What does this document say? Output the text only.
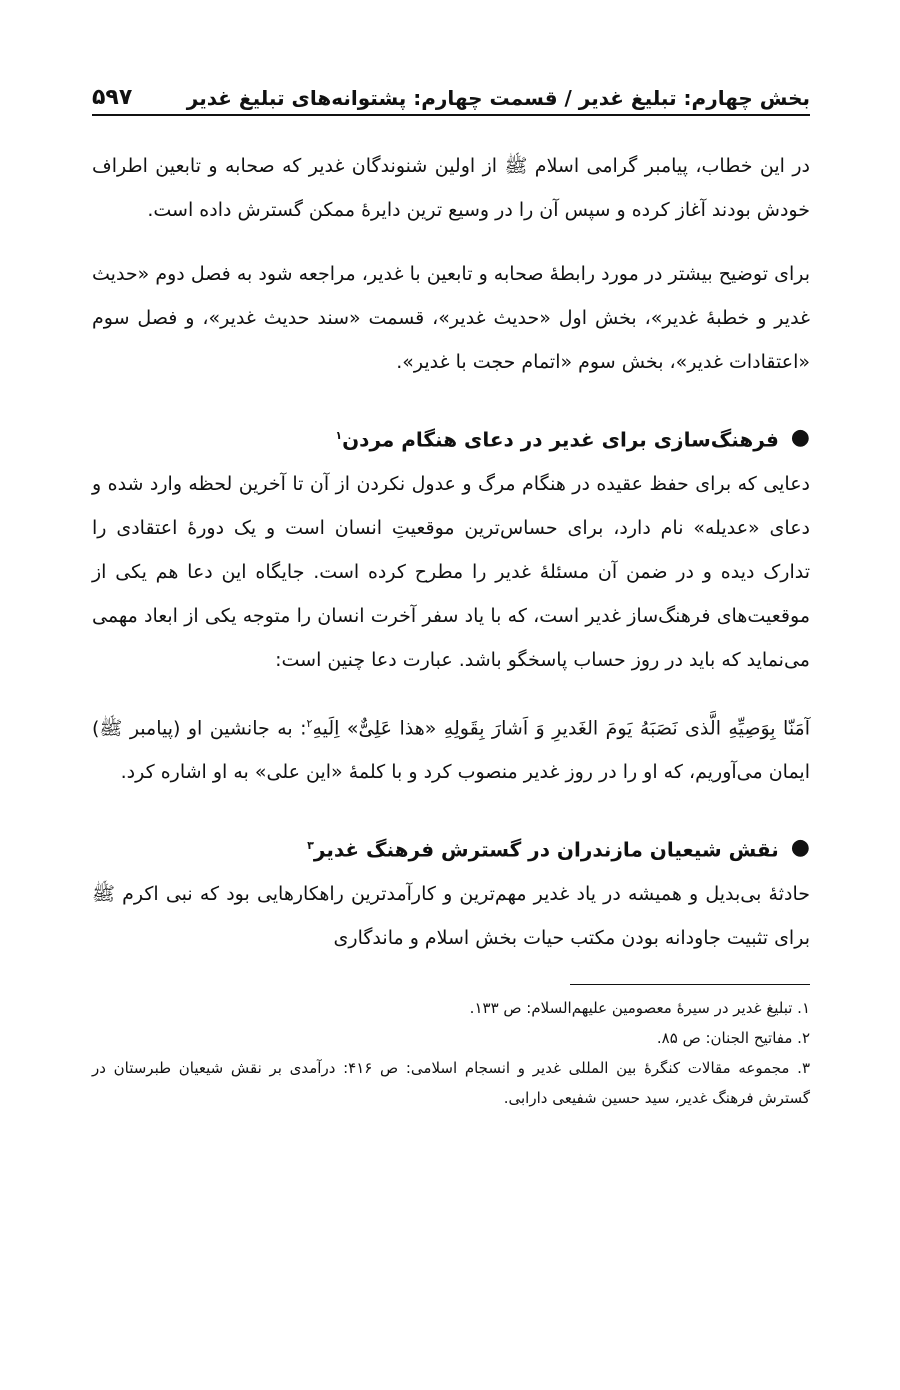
بخش چهارم: تبلیغ غدیر / قسمت چهارم: پشتوانه‌های تبلیغ غدیر
۵۹۷

در این خطاب، پیامبر گرامی اسلام ﷺ از اولین شنوندگان غدیر که صحابه و تابعین اطراف خودش بودند آغاز کرده و سپس آن را در وسیع ترین دایرهٔ ممکن گسترش داده است.

برای توضیح بیشتر در مورد رابطهٔ صحابه و تابعین با غدیر، مراجعه شود به فصل دوم «حدیث غدیر و خطبهٔ غدیر»، بخش اول «حدیث غدیر»، قسمت «سند حدیث غدیر»، و فصل سوم «اعتقادات غدیر»، بخش سوم «اتمام حجت با غدیر».

●
فرهنگ‌سازی برای غدیر در دعای هنگام مردن$^۱$

دعایی که برای حفظ عقیده در هنگام مرگ و عدول نکردن از آن تا آخرین لحظه وارد شده و دعای «عدیله» نام دارد، برای حساس‌ترین موقعیتِ انسان است و یک دورهٔ اعتقادی را تدارک دیده و در ضمن آن مسئلهٔ غدیر را مطرح کرده است. جایگاه این دعا هم یکی از موقعیت‌های فرهنگ‌ساز غدیر است، که با یاد سفر آخرت انسان را متوجه یکی از ابعاد مهمی می‌نماید که باید در روز حساب پاسخگو باشد. عبارت دعا چنین است:

آمَنّا بِوَصِیِّهِ الَّذی نَصَبَهُ یَومَ الغَدیرِ وَ اَشارَ بِقَولِهِ «هذا عَلِیٌّ» اِلَیهِ$^۲$: به جانشین او (پیامبر ﷺ) ایمان می‌آوریم، که او را در روز غدیر منصوب کرد و با کلمهٔ «این علی» به او اشاره کرد.

●
نقش شیعیان مازندران در گسترش فرهنگ غدیر$^۳$

حادثهٔ بی‌بدیل و همیشه در یاد غدیر مهم‌ترین و کارآمدترین راهکارهایی بود که نبی اکرم ﷺ برای تثبیت جاودانه بودن مکتب حیات بخش اسلام و ماندگاری

۱. تبلیغ غدیر در سیرهٔ معصومین علیهم‌السلام: ص ۱۳۳.
۲. مفاتیح الجنان: ص ۸۵.
۳. مجموعه مقالات کنگرهٔ بین المللی غدیر و انسجام اسلامی: ص ۴۱۶: درآمدی بر نقش شیعیان طبرستان در گسترش فرهنگ غدیر، سید حسین شفیعی دارابی.
